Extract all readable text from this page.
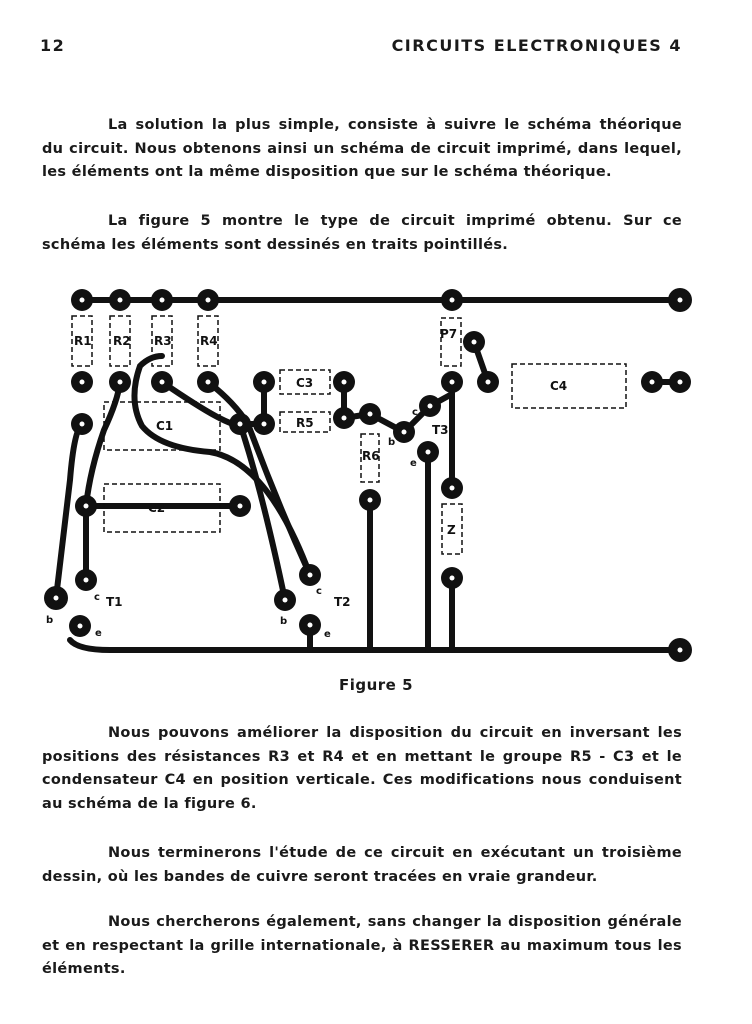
12	CIRCUITS ELECTRONIQUES 4

La solution la plus simple, consiste à suivre le schéma théorique du circuit. Nous obtenons ainsi un schéma de circuit imprimé, dans lequel, les éléments ont la même disposition que sur le schéma théorique.

La figure 5 montre le type de circuit imprimé obtenu. Sur ce schéma les éléments sont dessinés en traits pointillés.

R1 R2 R3 R4
C1
C2
C3
R5
R6
P7
Z
C4
T1	T2
T3
c
b
e
c
b
e
c
b
e
Figure 5

Nous pouvons améliorer la disposition du circuit en inversant les positions des résistances R3 et R4 et en mettant le groupe R5 - C3 et le condensateur C4 en position verticale. Ces modifications nous conduisent au schéma de la figure 6.

Nous terminerons l'étude de ce circuit en exécutant un troisième dessin, où les bandes de cuivre seront tracées en vraie grandeur.

Nous chercherons également, sans changer la disposition générale et en respectant la grille internationale, à RESSERER au maximum tous les éléments.
